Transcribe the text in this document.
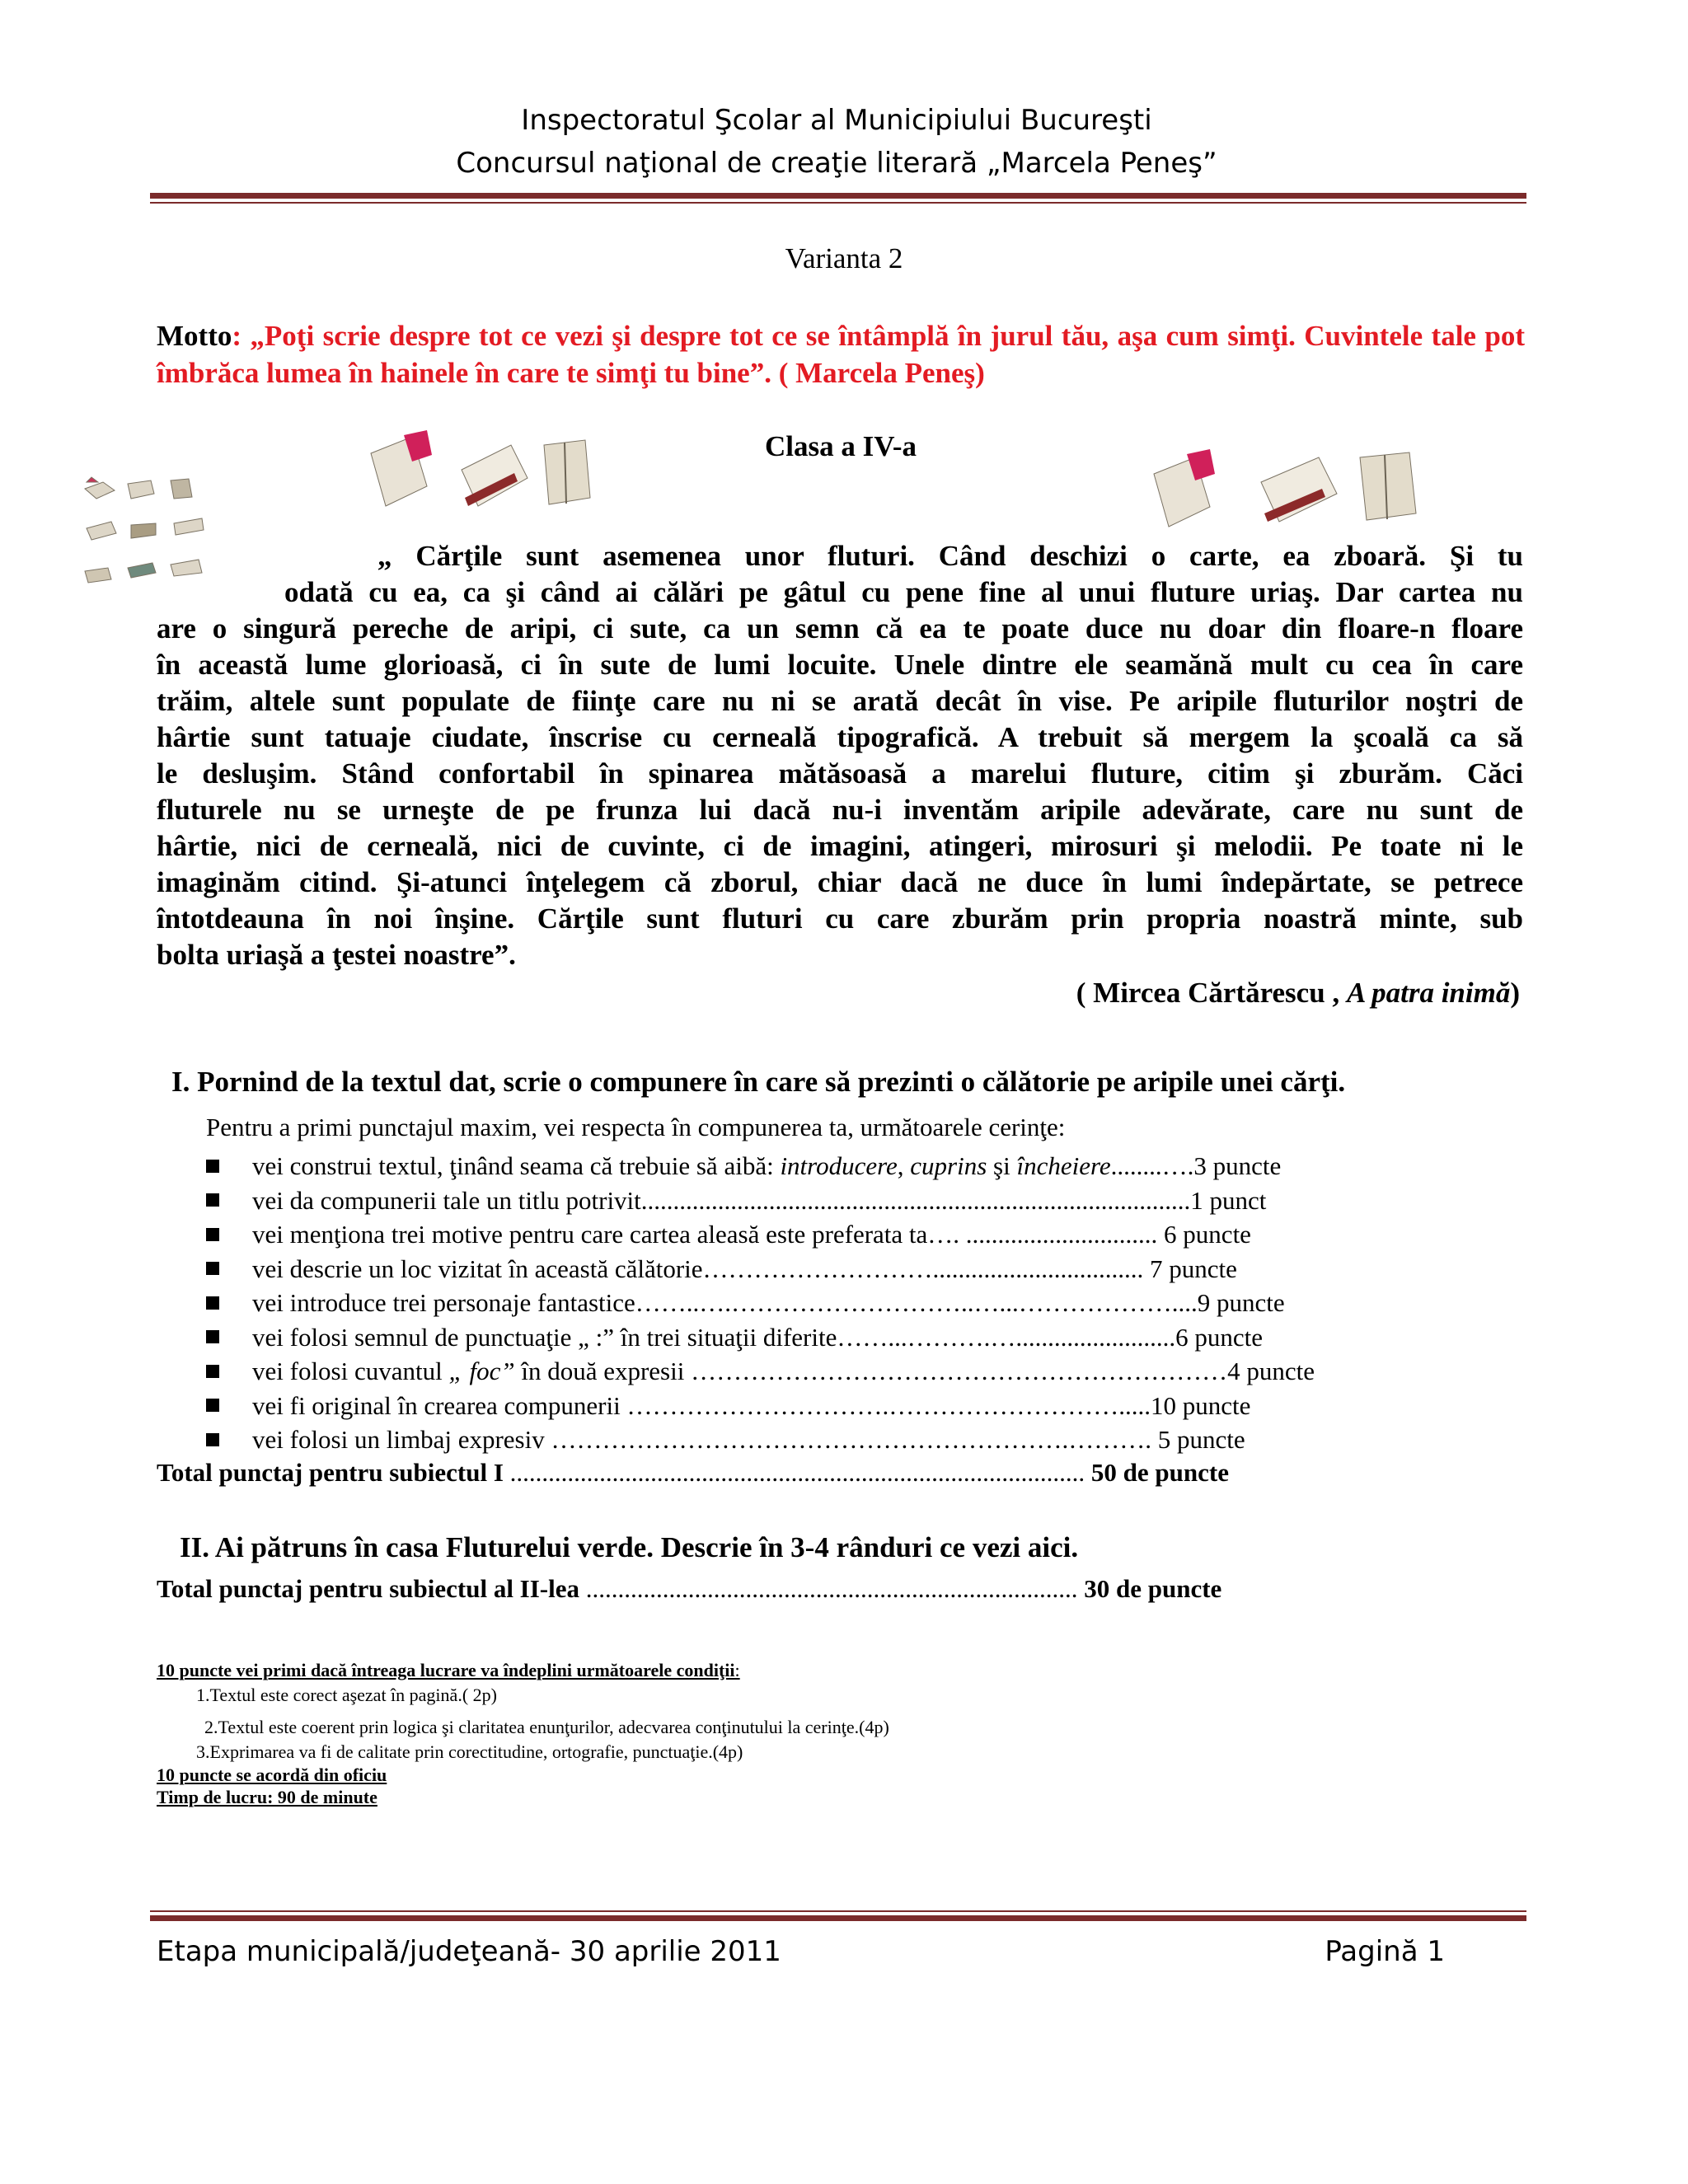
Inspectoratul Şcolar al Municipiului Bucureşti
Concursul naţional de creaţie literară „Marcela Peneş”
Varianta 2
Motto: „Poţi scrie despre tot ce vezi şi despre tot ce se întâmplă în jurul tău, aşa cum simţi. Cuvintele tale pot îmbrăca lumea în hainele în care te simţi tu bine”. ( Marcela Peneş)
Clasa a IV-a
„ Cărţile sunt asemenea unor fluturi. Când deschizi o carte, ea zboară. Şi tu
odată cu ea, ca şi când ai călări pe gâtul cu pene fine al unui fluture uriaş. Dar cartea nu
are o singură pereche de aripi, ci sute, ca un semn că ea te poate duce nu doar din floare-n floare
în această lume glorioasă, ci în sute de lumi locuite. Unele dintre ele seamănă mult cu cea în care
trăim, altele sunt populate de fiinţe care nu ni se arată decât în vise. Pe aripile fluturilor noştri de
hârtie sunt tatuaje ciudate, înscrise cu cerneală tipografică. A trebuit să mergem la şcoală ca să
le desluşim. Stând confortabil în spinarea mătăsoasă a marelui fluture, citim şi zburăm. Căci
fluturele nu se urneşte de pe frunza lui dacă nu-i inventăm aripile adevărate, care nu sunt de
hârtie, nici de cerneală, nici de cuvinte, ci de imagini, atingeri, mirosuri şi melodii. Pe toate ni le
imaginăm citind. Şi-atunci înţelegem că zborul, chiar dacă ne duce în lumi îndepărtate, se petrece
întotdeauna în noi înşine. Cărţile sunt fluturi cu care zburăm prin propria noastră minte, sub
bolta uriaşă a ţestei noastre”.
( Mircea Cărtărescu , A patra inimă)
I. Pornind de la textul dat, scrie o compunere în care să prezinti o călătorie pe aripile unei cărţi.
Pentru a primi punctajul maxim, vei respecta în compunerea ta, următoarele cerinţe:
vei construi textul, ţinând seama că trebuie să aibă: introducere, cuprins şi încheiere........….3 puncte
vei da compunerii tale un titlu potrivit......................................................................................1 punct
vei menţiona trei motive pentru care cartea aleasă este preferata ta…. .............................. 6 puncte
vei descrie un loc vizitat în această călătorie………………………................................. 7 puncte
vei introduce trei personaje fantastice……..….………………………..…...………………....9 puncte
vei folosi semnul de punctuaţie „ :” în trei situaţii diferite……...……….….........................6 puncte
vei folosi cuvantul „ foc” în două expresii ………………………………………………………4 puncte
vei fi original în crearea compunerii ………………………….……………………….....10 puncte
vei folosi un limbaj expresiv …………………………………………………….………. 5 puncte
Total punctaj pentru subiectul I .......................................................................................... 50 de puncte
II. Ai pătruns în casa Fluturelui verde. Descrie în 3-4 rânduri ce vezi aici.
Total punctaj pentru subiectul al II-lea ............................................................................. 30 de puncte
10 puncte vei primi dacă întreaga lucrare va îndeplini următoarele condiţii:
1.Textul este corect aşezat în pagină.( 2p)
2.Textul este coerent prin logica şi claritatea enunţurilor, adecvarea conţinutului la cerinţe.(4p)
3.Exprimarea va fi de calitate prin corectitudine, ortografie, punctuaţie.(4p)
10 puncte se acordă din oficiu
Timp de lucru: 90 de minute
Etapa municipală/judeţeană- 30 aprilie 2011	Pagină 1
